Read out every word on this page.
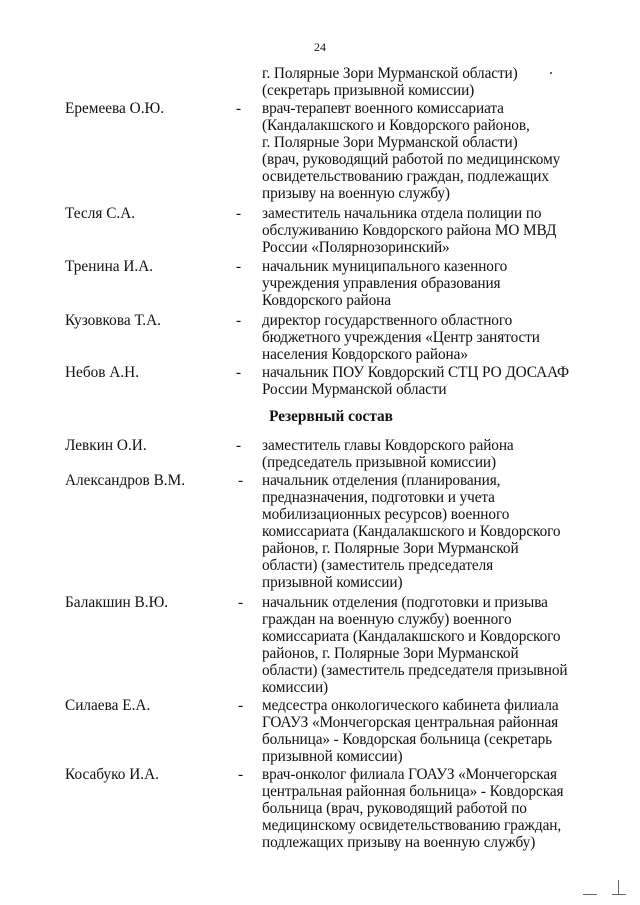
24
г. Полярные Зори Мурманской области)
(секретарь призывной комиссии)
Еремеева О.Ю.	- врач-терапевт военного комиссариата
(Кандалакшского и Ковдорского районов,
г. Полярные Зори Мурманской области)
(врач, руководящий работой по медицинскому
освидетельствованию граждан, подлежащих
призыву на военную службу)
Тесля С.А.	- заместитель начальника отдела полиции по
обслуживанию Ковдорского района МО МВД
России «Полярнозоринский»
Тренина И.А.	- начальник муниципального казенного
учреждения управления образования
Ковдорского района
Кузовкова Т.А.	- директор государственного областного
бюджетного учреждения «Центр занятости
населения Ковдорского района»
Небов А.Н.	- начальник ПОУ Ковдорский СТЦ РО ДОСААФ
России Мурманской области
Резервный состав
Левкин О.И.	- заместитель главы Ковдорского района
(председатель призывной комиссии)
Александров В.М.	- начальник отделения (планирования,
предназначения, подготовки и учета
мобилизационных ресурсов) военного
комиссариата (Кандалакшского и Ковдорского
районов, г. Полярные Зори Мурманской
области) (заместитель председателя
призывной комиссии)
Балакшин В.Ю.	- начальник отделения (подготовки и призыва
граждан на военную службу) военного
комиссариата (Кандалакшского и Ковдорского
районов, г. Полярные Зори Мурманской
области) (заместитель председателя призывной
комиссии)
Силаева Е.А.	- медсестра онкологического кабинета филиала
ГОАУЗ «Мончегорская центральная районная
больница» - Ковдорская больница (секретарь
призывной комиссии)
Косабуко И.А.	- врач-онколог филиала ГОАУЗ «Мончегорская
центральная районная больница» - Ковдорская
больница (врач, руководящий работой по
медицинскому освидетельствованию граждан,
подлежащих призыву на военную службу)
